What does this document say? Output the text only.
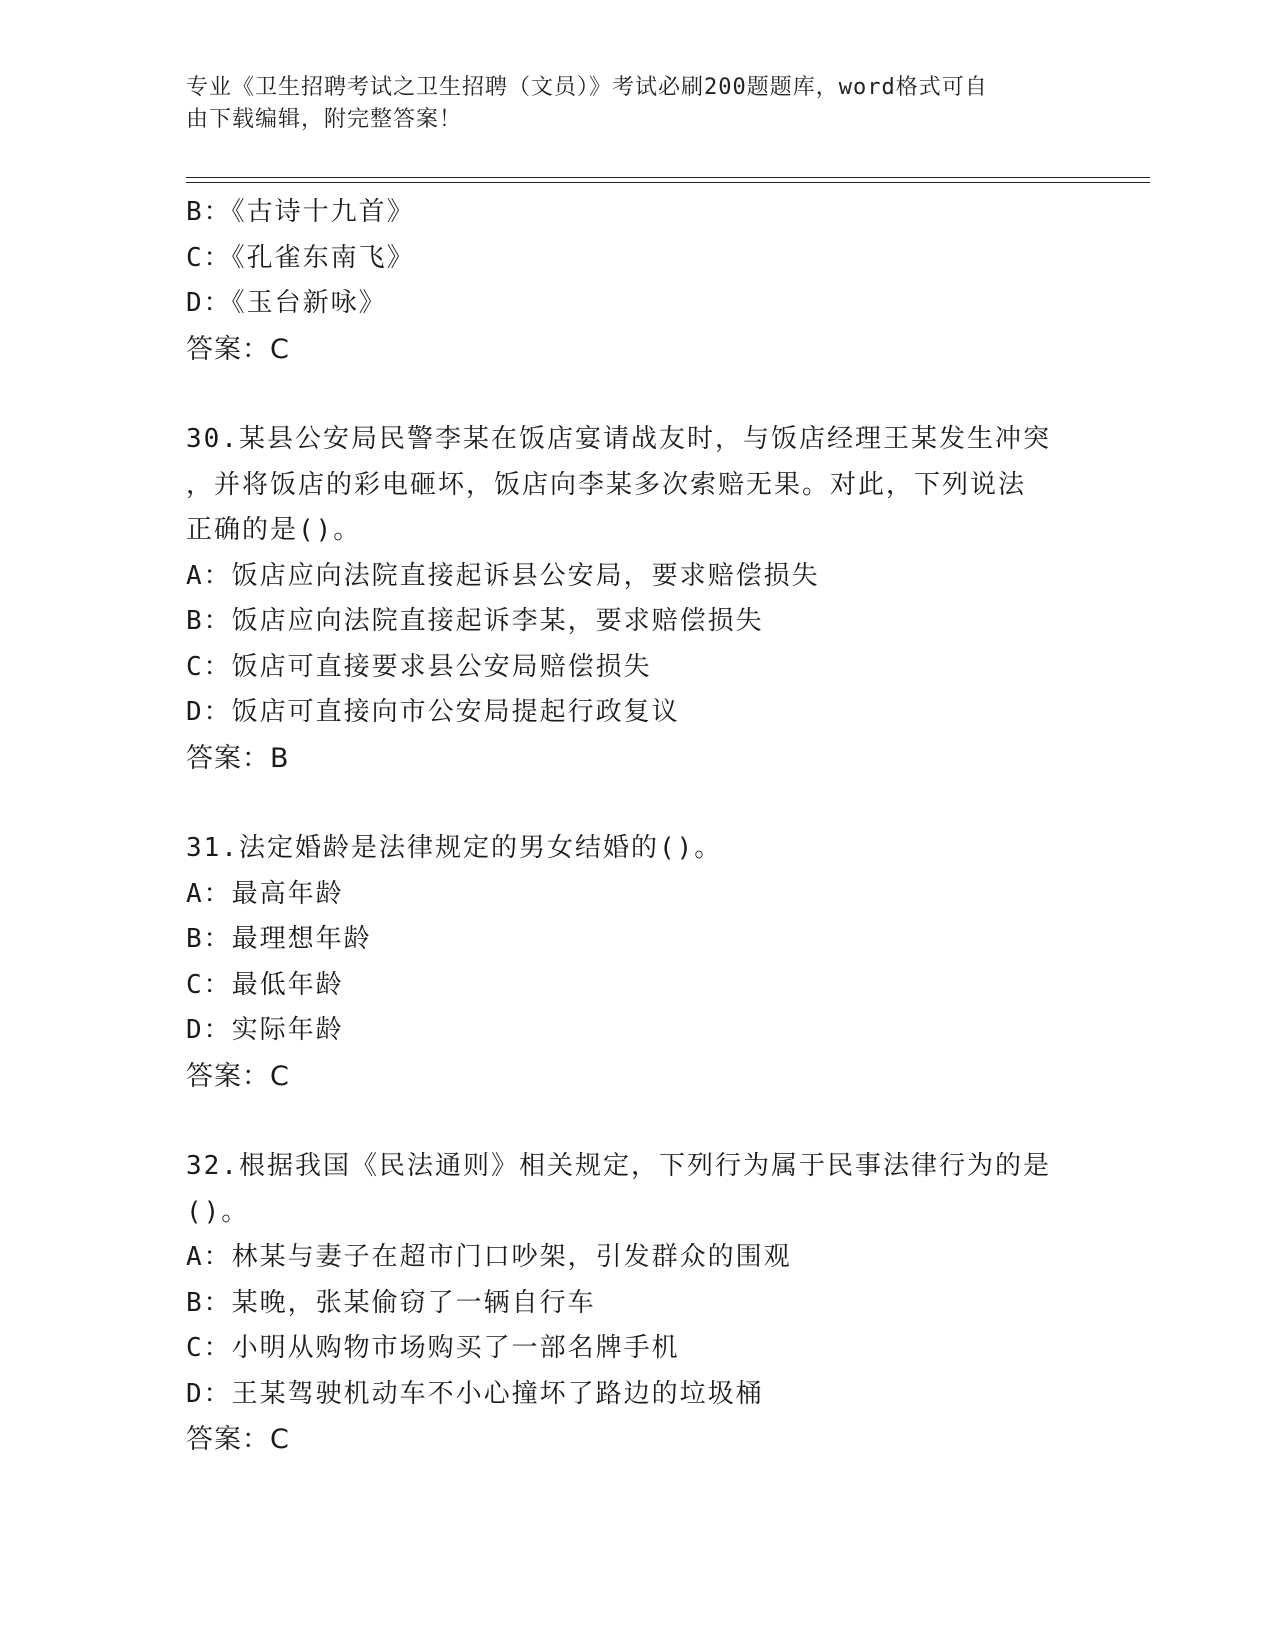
专业《卫生招聘考试之卫生招聘（文员）》考试必刷200题题库，word格式可自
由下载编辑，附完整答案！
B：《古诗十九首》
C：《孔雀东南飞》
D：《玉台新咏》
答案：C
30.某县公安局民警李某在饭店宴请战友时，与饭店经理王某发生冲突
，并将饭店的彩电砸坏，饭店向李某多次索赔无果。对此，下列说法
正确的是()。
A：饭店应向法院直接起诉县公安局，要求赔偿损失
B：饭店应向法院直接起诉李某，要求赔偿损失
C：饭店可直接要求县公安局赔偿损失
D：饭店可直接向市公安局提起行政复议
答案：B
31.法定婚龄是法律规定的男女结婚的()。
A：最高年龄
B：最理想年龄
C：最低年龄
D：实际年龄
答案：C
32.根据我国《民法通则》相关规定，下列行为属于民事法律行为的是
()。
A：林某与妻子在超市门口吵架，引发群众的围观
B：某晚，张某偷窃了一辆自行车
C：小明从购物市场购买了一部名牌手机
D：王某驾驶机动车不小心撞坏了路边的垃圾桶
答案：C
